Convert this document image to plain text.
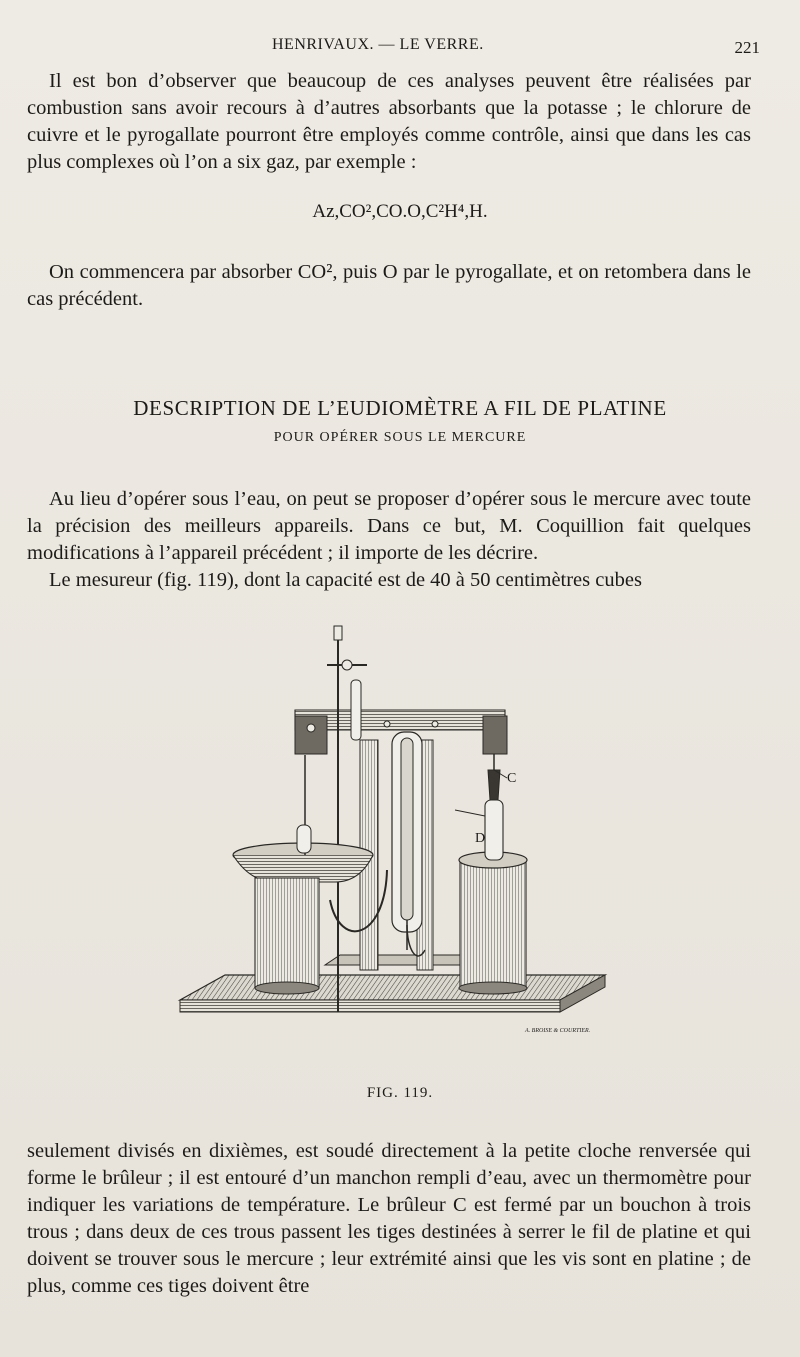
HENRIVAUX. — LE VERRE.	221

Il est bon d’observer que beaucoup de ces analyses peuvent être réalisées par combustion sans avoir recours à d’autres absorbants que la potasse ; le chlorure de cuivre et le pyrogallate pourront être employés comme contrôle, ainsi que dans les cas plus complexes où l’on a six gaz, par exemple :

Az,CO²,CO.O,C²H⁴,H.

On commencera par absorber CO², puis O par le pyrogallate, et on retombera dans le cas précédent.

DESCRIPTION DE L’EUDIOMÈTRE A FIL DE PLATINE
POUR OPÉRER SOUS LE MERCURE

Au lieu d’opérer sous l’eau, on peut se proposer d’opérer sous le mercure avec toute la précision des meilleurs appareils. Dans ce but, M. Coquillion fait quelques modifications à l’appareil précédent ; il importe de les décrire.

Le mesureur (fig. 119), dont la capacité est de 40 à 50 centimètres cubes

C
D
A. BROISE & COURTIER.
FIG. 119.

seulement divisés en dixièmes, est soudé directement à la petite cloche renversée qui forme le brûleur ; il est entouré d’un manchon rempli d’eau, avec un thermomètre pour indiquer les variations de température. Le brûleur C est fermé par un bouchon à trois trous ; dans deux de ces trous passent les tiges destinées à serrer le fil de platine et qui doivent se trouver sous le mercure ; leur extrémité ainsi que les vis sont en platine ; de plus, comme ces tiges doivent être
